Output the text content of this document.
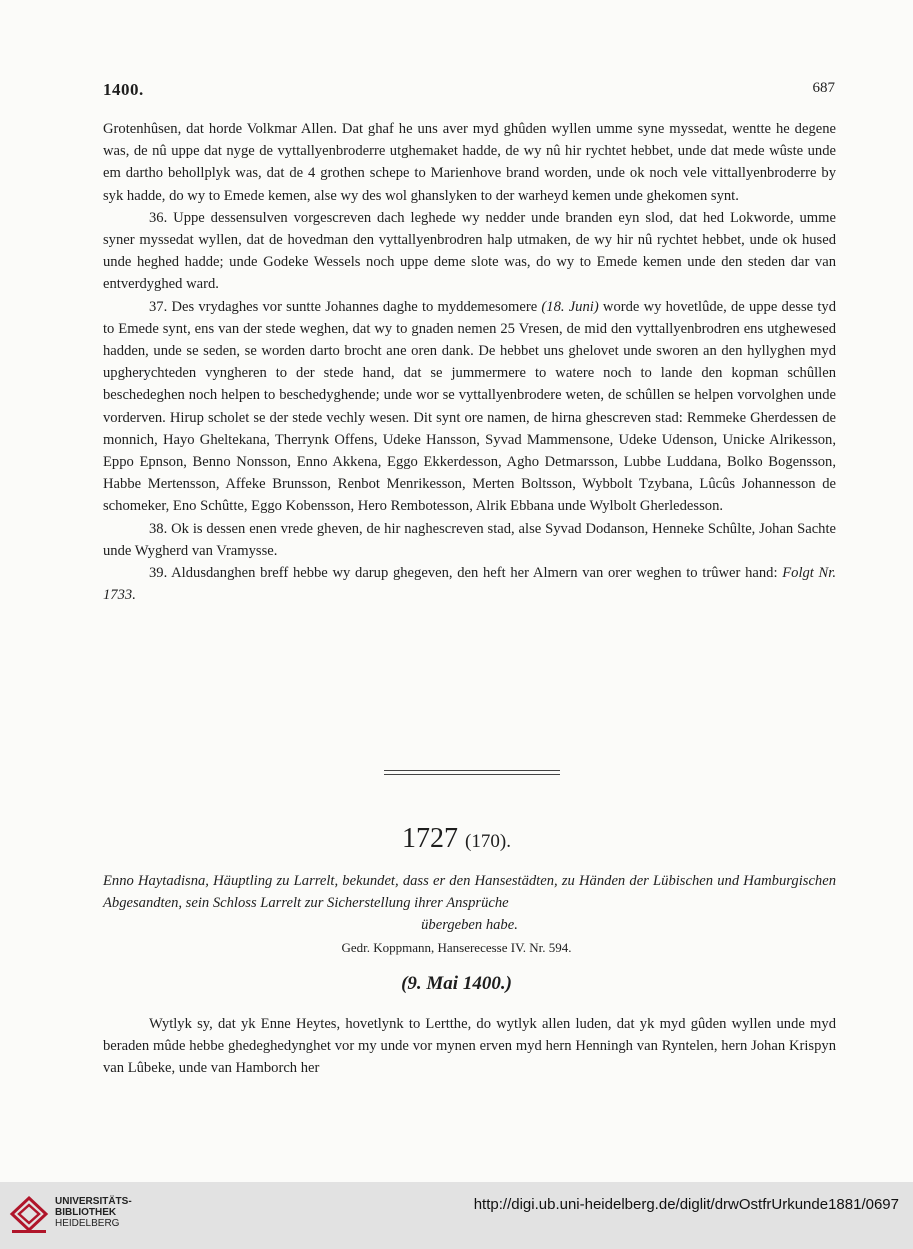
1400.	687

Grotenhûsen, dat horde Volkmar Allen. Dat ghaf he uns aver myd ghûden wyllen umme syne myssedat, wentte he degene was, de nû uppe dat nyge de vyttallyenbroderre utghemaket hadde, de wy nû hir rychtet hebbet, unde dat mede wûste unde em dartho behollplyk was, dat de 4 grothen schepe to Marienhove brand worden, unde ok noch vele vittallyenbroderre by syk hadde, do wy to Emede kemen, alse wy des wol ghanslyken to der warheyd kemen unde ghekomen synt.

36. Uppe dessensulven vorgescreven dach leghede wy nedder unde branden eyn slod, dat hed Lokworde, umme syner myssedat wyllen, dat de hovedman den vyttallyenbrodren halp utmaken, de wy hir nû rychtet hebbet, unde ok hused unde heghed hadde; unde Godeke Wessels noch uppe deme slote was, do wy to Emede kemen unde den steden dar van entverdyghed ward.

37. Des vrydaghes vor suntte Johannes daghe to myddemesomere (18. Juni) worde wy hovetlûde, de uppe desse tyd to Emede synt, ens van der stede weghen, dat wy to gnaden nemen 25 Vresen, de mid den vyttallyenbrodren ens utghewesed hadden, unde se seden, se worden darto brocht ane oren dank. De hebbet uns ghelovet unde sworen an den hyllyghen myd upgherychteden vyngheren to der stede hand, dat se jummermere to watere noch to lande den kopman schûllen beschedeghen noch helpen to beschedyghende; unde wor se vyttallyenbrodere weten, de schûllen se helpen vorvolghen unde vorderven. Hirup scholet se der stede vechly wesen. Dit synt ore namen, de hirna ghescreven stad: Remmeke Gherdessen de monnich, Hayo Gheltekana, Therrynk Offens, Udeke Hansson, Syvad Mammensone, Udeke Udenson, Unicke Alrikesson, Eppo Epnson, Benno Nonsson, Enno Akkena, Eggo Ekkerdesson, Agho Detmarsson, Lubbe Luddana, Bolko Bogensson, Habbe Mertensson, Affeke Brunsson, Renbot Menrikesson, Merten Boltsson, Wybbolt Tzybana, Lûcûs Johannesson de schomeker, Eno Schûtte, Eggo Kobensson, Hero Rembotesson, Alrik Ebbana unde Wylbolt Gherledesson.

38. Ok is dessen enen vrede gheven, de hir naghescreven stad, alse Syvad Dodanson, Henneke Schûlte, Johan Sachte unde Wygherd van Vramysse.

39. Aldusdanghen breff hebbe wy darup ghegeven, den heft her Almern van orer weghen to trûwer hand: Folgt Nr. 1733.

1727 (170).
Enno Haytadisna, Häuptling zu Larrelt, bekundet, dass er den Hansestädten, zu Händen der Lübischen und Hamburgischen Abgesandten, sein Schloss Larrelt zur Sicherstellung ihrer Ansprüche
übergeben habe.
Gedr. Koppmann, Hanserecesse IV. Nr. 594.
(9. Mai 1400.)

Wytlyk sy, dat yk Enne Heytes, hovetlynk to Lertthe, do wytlyk allen luden, dat yk myd gûden wyllen unde myd beraden mûde hebbe ghedeghedynghet vor my unde vor mynen erven myd hern Henningh van Ryntelen, hern Johan Krispyn van Lûbeke, unde van Hamborch her

UNIVERSITÄTS-
BIBLIOTHEK
HEIDELBERG
http://digi.ub.uni-heidelberg.de/diglit/drwOstfrUrkunde1881/0697
